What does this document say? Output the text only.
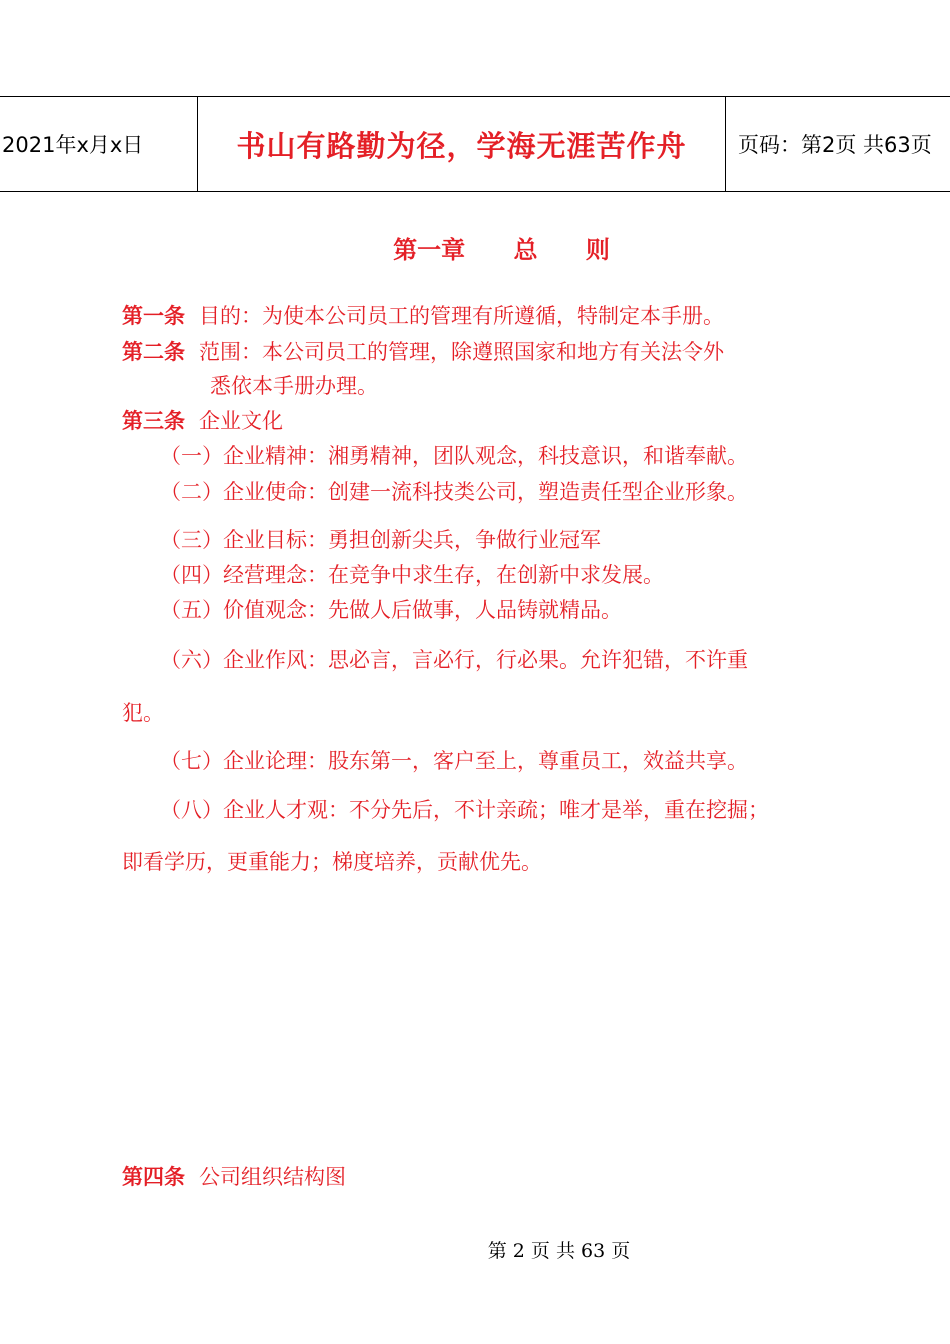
2021年x月x日	书山有路勤为径，学海无涯苦作舟	页码：第2页 共63页
第一章 总 则
第一条 目的：为使本公司员工的管理有所遵循，特制定本手册。
第二条 范围：本公司员工的管理，除遵照国家和地方有关法令外
悉依本手册办理。
第三条 企业文化
（一）企业精神：湘勇精神，团队观念，科技意识，和谐奉献。
（二）企业使命：创建一流科技类公司，塑造责任型企业形象。
（三）企业目标：勇担创新尖兵，争做行业冠军
（四）经营理念：在竞争中求生存，在创新中求发展。
（五）价值观念：先做人后做事，人品铸就精品。
（六）企业作风：思必言，言必行，行必果。允许犯错，不许重
犯。
（七）企业论理：股东第一，客户至上，尊重员工，效益共享。
（八）企业人才观：不分先后，不计亲疏；唯才是举，重在挖掘；
即看学历，更重能力；梯度培养，贡献优先。
第四条 公司组织结构图
第 2 页 共 63 页
